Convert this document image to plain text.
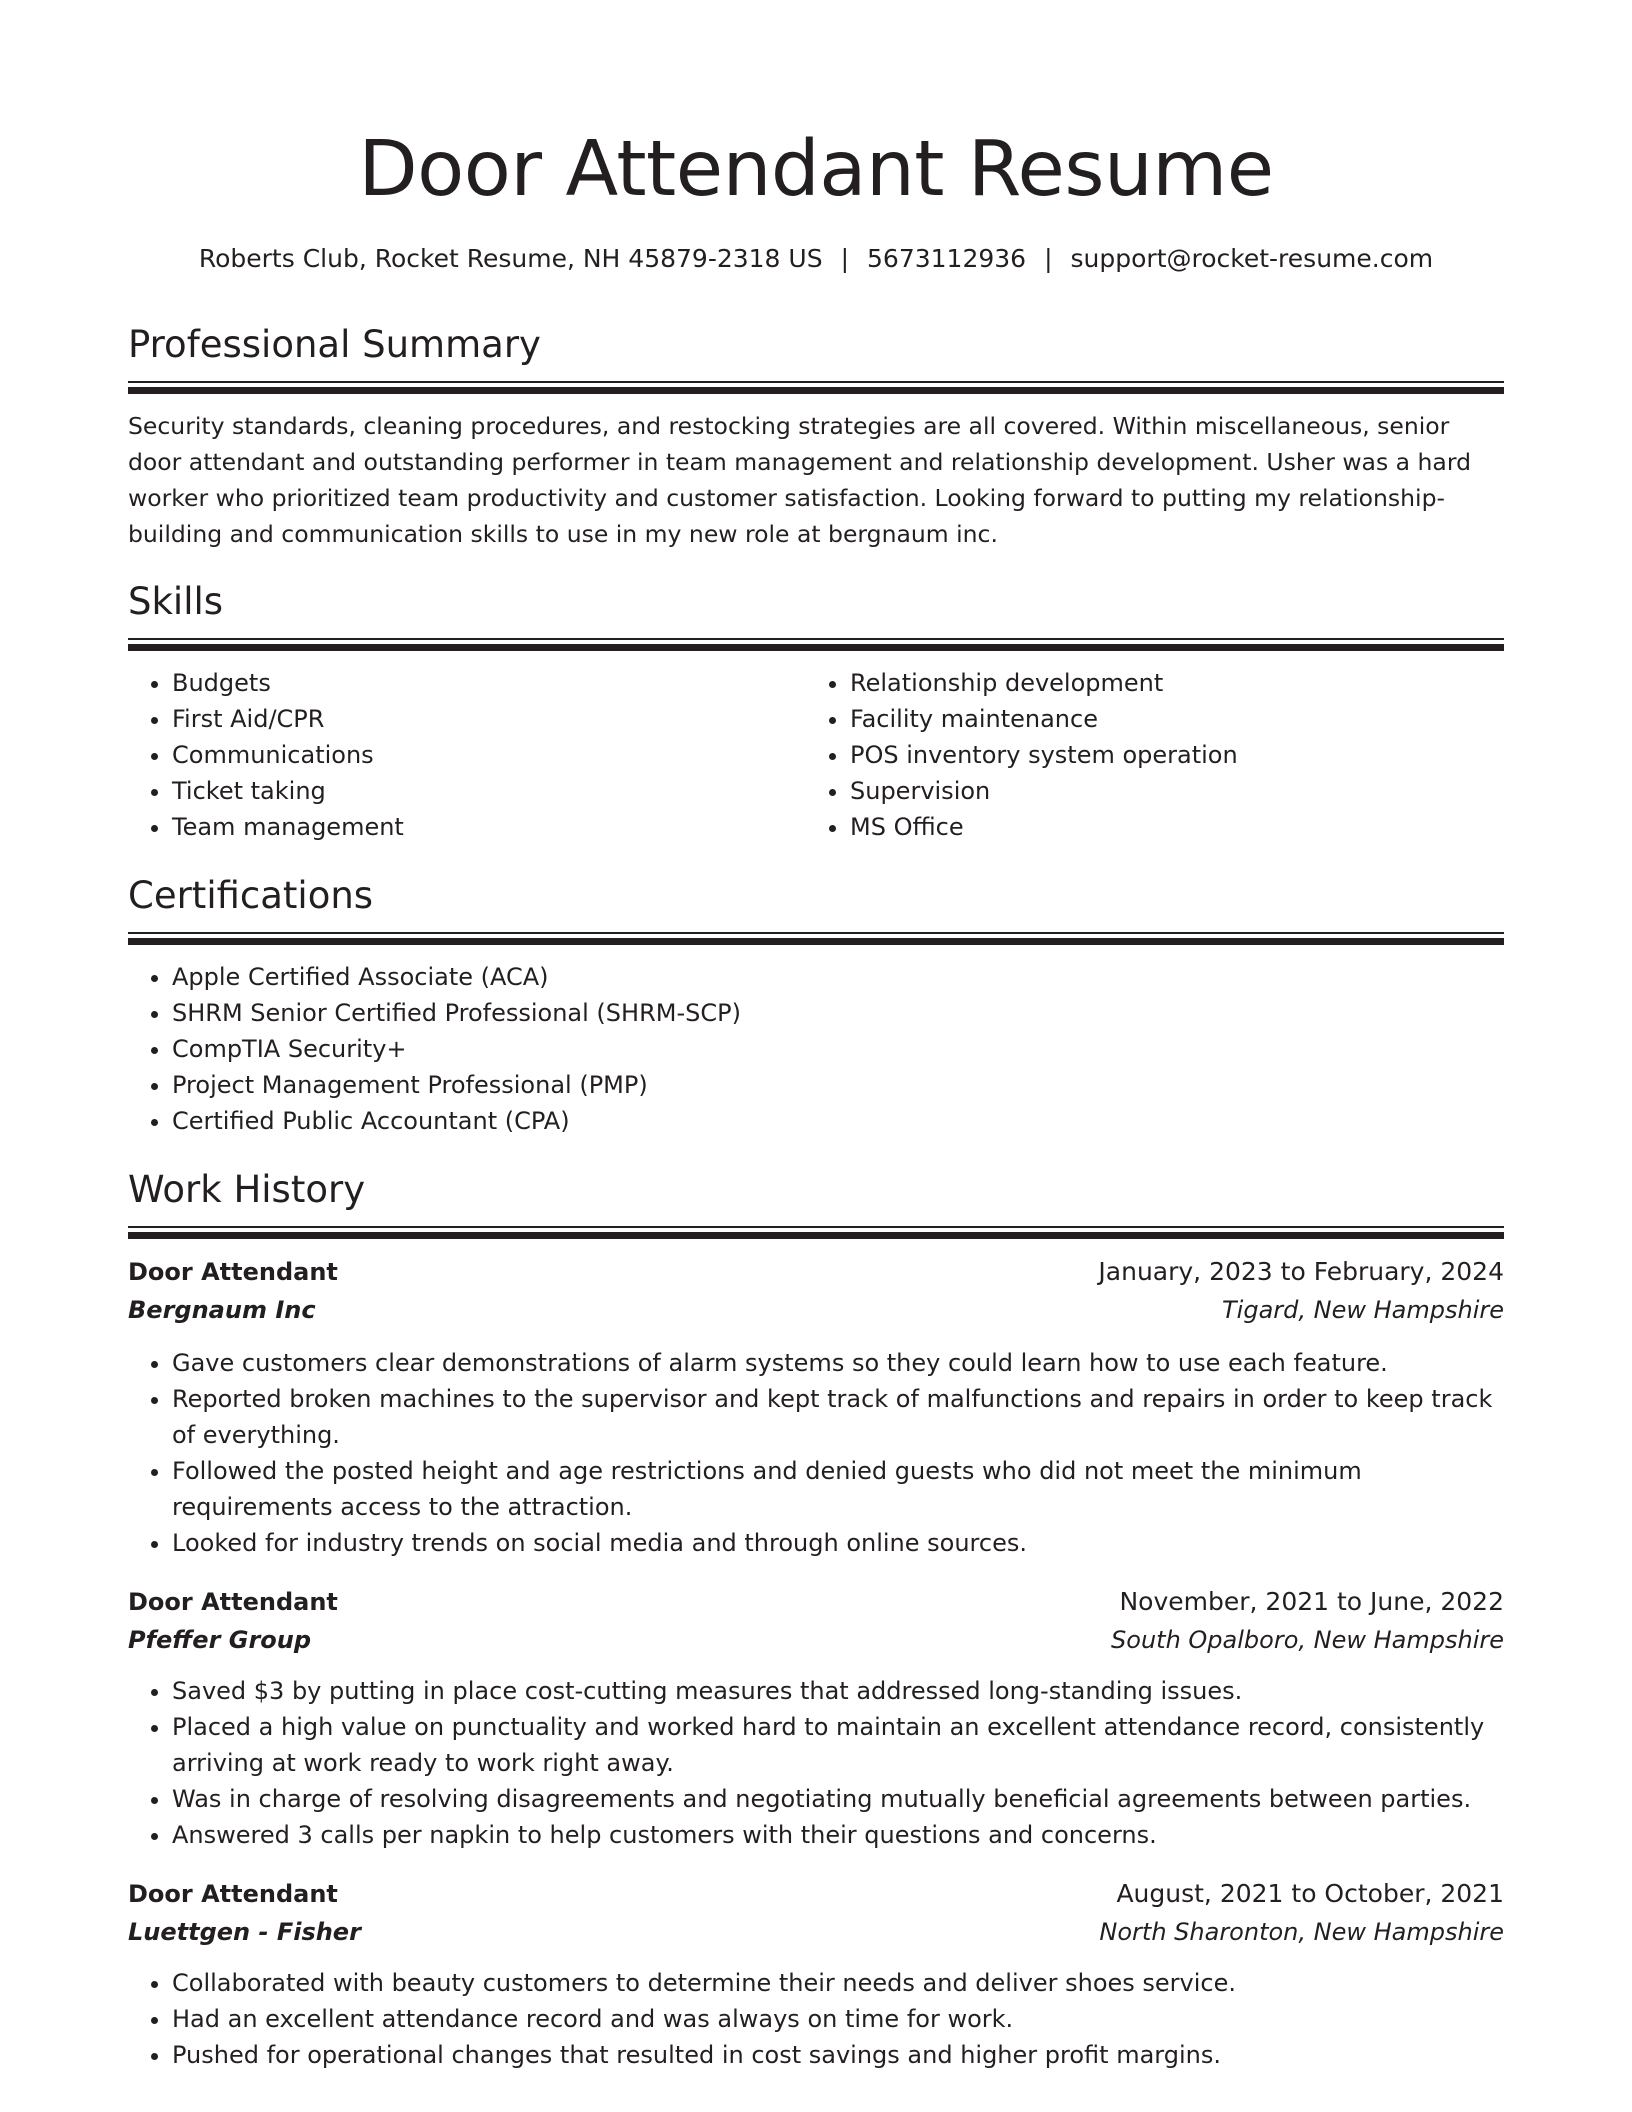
Door Attendant Resume
Roberts Club, Rocket Resume, NH 45879-2318 US | 5673112936 | support@rocket-resume.com
Professional Summary

Security standards, cleaning procedures, and restocking strategies are all covered. Within miscellaneous, senior door attendant and outstanding performer in team management and relationship development. Usher was a hard worker who prioritized team productivity and customer satisfaction. Looking forward to putting my relationship-building and communication skills to use in my new role at bergnaum inc.

Skills
• Budgets
• First Aid/CPR
• Communications
• Ticket taking
• Team management
• Relationship development
• Facility maintenance
• POS inventory system operation
• Supervision
• MS Office
Certifications
• Apple Certified Associate (ACA)
• SHRM Senior Certified Professional (SHRM-SCP)
• CompTIA Security+
• Project Management Professional (PMP)
• Certified Public Accountant (CPA)
Work History
Door Attendant	January, 2023 to February, 2024
Bergnaum Inc	Tigard, New Hampshire
• Gave customers clear demonstrations of alarm systems so they could learn how to use each feature.
• Reported broken machines to the supervisor and kept track of malfunctions and repairs in order to keep track of everything.
• Followed the posted height and age restrictions and denied guests who did not meet the minimum requirements access to the attraction.
• Looked for industry trends on social media and through online sources.
Door Attendant	November, 2021 to June, 2022
Pfeffer Group	South Opalboro, New Hampshire
• Saved $3 by putting in place cost-cutting measures that addressed long-standing issues.
• Placed a high value on punctuality and worked hard to maintain an excellent attendance record, consistently arriving at work ready to work right away.
• Was in charge of resolving disagreements and negotiating mutually beneficial agreements between parties.
• Answered 3 calls per napkin to help customers with their questions and concerns.
Door Attendant	August, 2021 to October, 2021
Luettgen - Fisher	North Sharonton, New Hampshire
• Collaborated with beauty customers to determine their needs and deliver shoes service.
• Had an excellent attendance record and was always on time for work.
• Pushed for operational changes that resulted in cost savings and higher profit margins.
